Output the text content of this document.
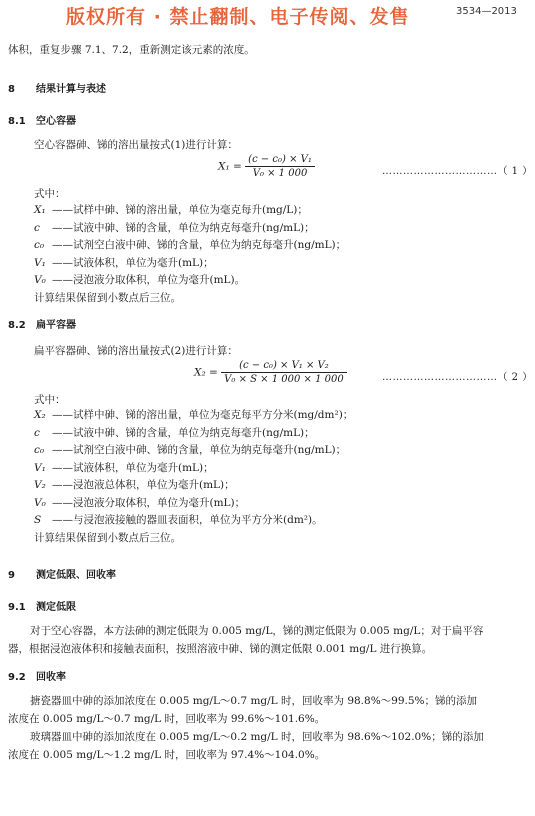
版权所有 · 禁止翻制、电子传阅、发售	3534—2013
体积，重复步骤 7.1、7.2，重新测定该元素的浓度。
8 结果计算与表述
8.1 空心容器
空心容器砷、锑的溶出量按式(1)进行计算：
$X_1 = \frac{\text{(c − c₀) × V₁}}{\text{V₀ × 1 000}}$	……………………………（ 1 ）
式中：
X₁ ——试样中砷、锑的溶出量，单位为毫克每升(mg/L)；
c ——试液中砷、锑的含量，单位为纳克每毫升(ng/mL)；
c₀ ——试剂空白液中砷、锑的含量，单位为纳克每毫升(ng/mL)；
V₁ ——试液体积，单位为毫升(mL)；
V₀ ——浸泡液分取体积，单位为毫升(mL)。
计算结果保留到小数点后三位。
8.2 扁平容器
扁平容器砷、锑的溶出量按式(2)进行计算：
$X_2 = \frac{\text{(c − c₀) × V₁ × V₂}}{\text{V₀ × S × 1 000 × 1 000}}$	……………………………（ 2 ）
式中：
X₂ ——试样中砷、锑的溶出量，单位为毫克每平方分米(mg/dm²)；
c ——试液中砷、锑的含量，单位为纳克每毫升(ng/mL)；
c₀ ——试剂空白液中砷、锑的含量，单位为纳克每毫升(ng/mL)；
V₁ ——试液体积，单位为毫升(mL)；
V₂ ——浸泡液总体积，单位为毫升(mL)；
V₀ ——浸泡液分取体积，单位为毫升(mL)；
S ——与浸泡液接触的器皿表面积，单位为平方分米(dm²)。
计算结果保留到小数点后三位。
9 测定低限、回收率
9.1 测定低限
对于空心容器，本方法砷的测定低限为 0.005 mg/L，锑的测定低限为 0.005 mg/L；对于扁平容器，根据浸泡液体积和接触表面积，按照溶液中砷、锑的测定低限 0.001 mg/L 进行换算。
9.2 回收率
搪瓷器皿中砷的添加浓度在 0.005 mg/L～0.7 mg/L 时，回收率为 98.8%～99.5%；锑的添加浓度在 0.005 mg/L～0.7 mg/L 时，回收率为 99.6%～101.6%。
玻璃器皿中砷的添加浓度在 0.005 mg/L～0.2 mg/L 时，回收率为 98.6%～102.0%；锑的添加浓度在 0.005 mg/L～1.2 mg/L 时，回收率为 97.4%～104.0%。
